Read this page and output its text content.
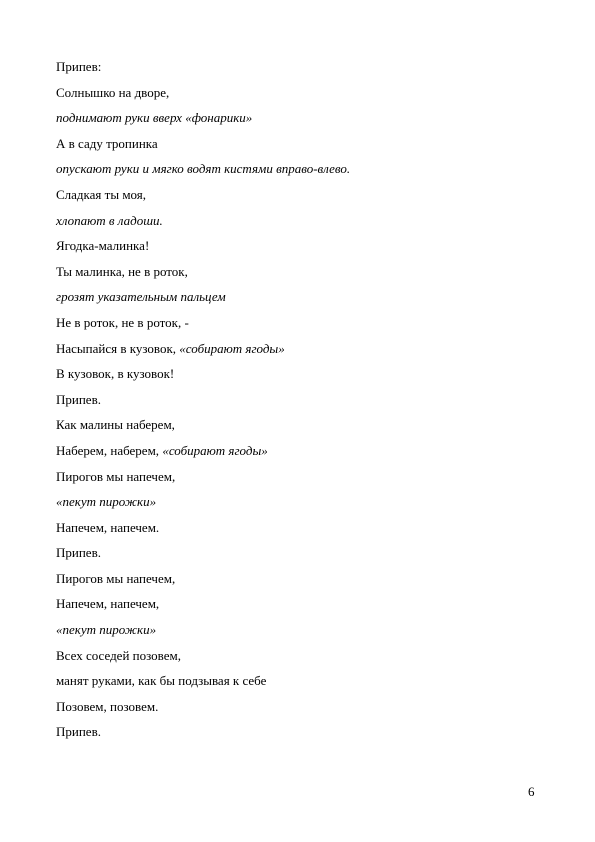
Припев:
Солнышко на дворе,
поднимают руки вверх «фонарики»
А в саду тропинка
опускают руки и мягко водят кистями вправо-влево.
Сладкая ты моя,
хлопают в ладоши.
Ягодка-малинка!
Ты малинка, не в роток,
грозят указательным пальцем
Не в роток, не в роток, -
Насыпайся в кузовок, «собирают ягоды»
В кузовок, в кузовок!
Припев.
Как малины наберем,
Наберем, наберем, «собирают ягоды»
Пирогов мы напечем,
«пекут пирожки»
Напечем, напечем.
Припев.
Пирогов мы напечем,
Напечем, напечем,
«пекут пирожки»
Всех соседей позовем,
манят руками, как бы подзывая к себе
Позовем, позовем.
Припев.
6
